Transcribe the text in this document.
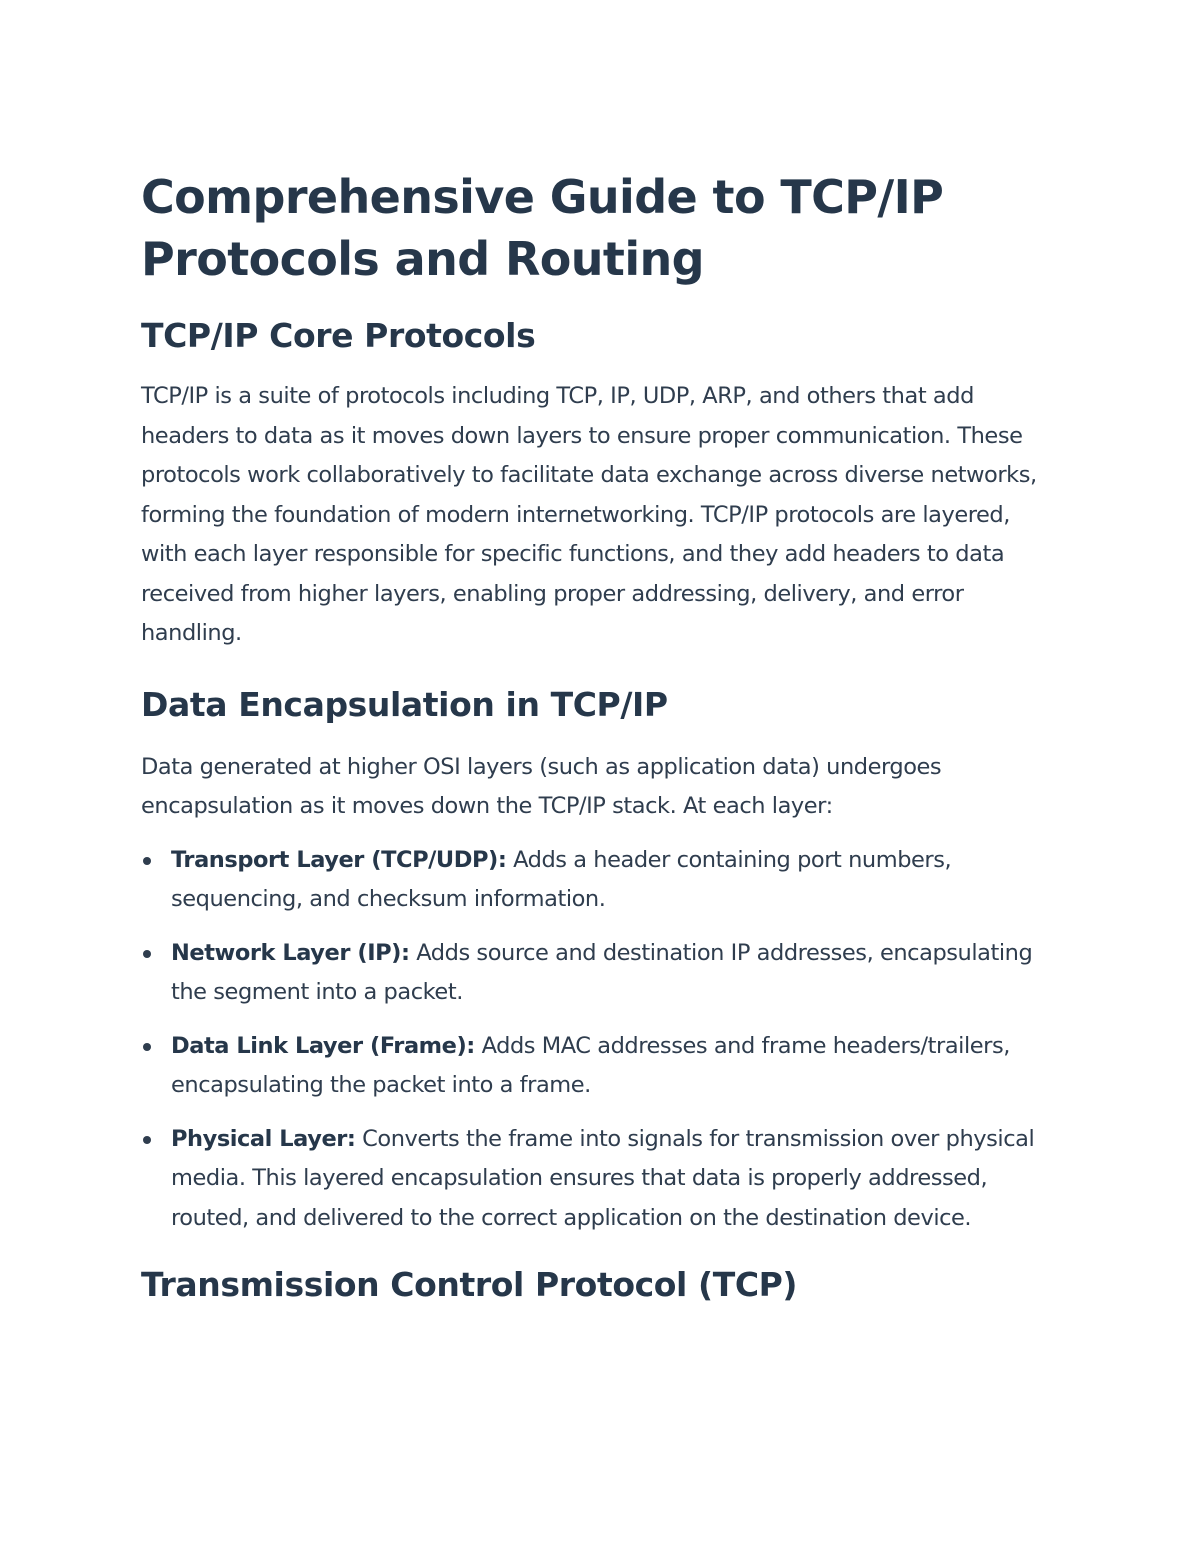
Comprehensive Guide to TCP/IP
Protocols and Routing
TCP/IP Core Protocols

TCP/IP is a suite of protocols including TCP, IP, UDP, ARP, and others that add headers to data as it moves down layers to ensure proper communication. These protocols work collaboratively to facilitate data exchange across diverse networks, forming the foundation of modern internetworking. TCP/IP protocols are layered, with each layer responsible for specific functions, and they add headers to data received from higher layers, enabling proper addressing, delivery, and error handling.

Data Encapsulation in TCP/IP

Data generated at higher OSI layers (such as application data) undergoes encapsulation as it moves down the TCP/IP stack. At each layer:

Transport Layer (TCP/UDP): Adds a header containing port numbers, sequencing, and checksum information.
Network Layer (IP): Adds source and destination IP addresses, encapsulating the segment into a packet.
Data Link Layer (Frame): Adds MAC addresses and frame headers/trailers, encapsulating the packet into a frame.
Physical Layer: Converts the frame into signals for transmission over physical media. This layered encapsulation ensures that data is properly addressed, routed, and delivered to the correct application on the destination device.
Transmission Control Protocol (TCP)
